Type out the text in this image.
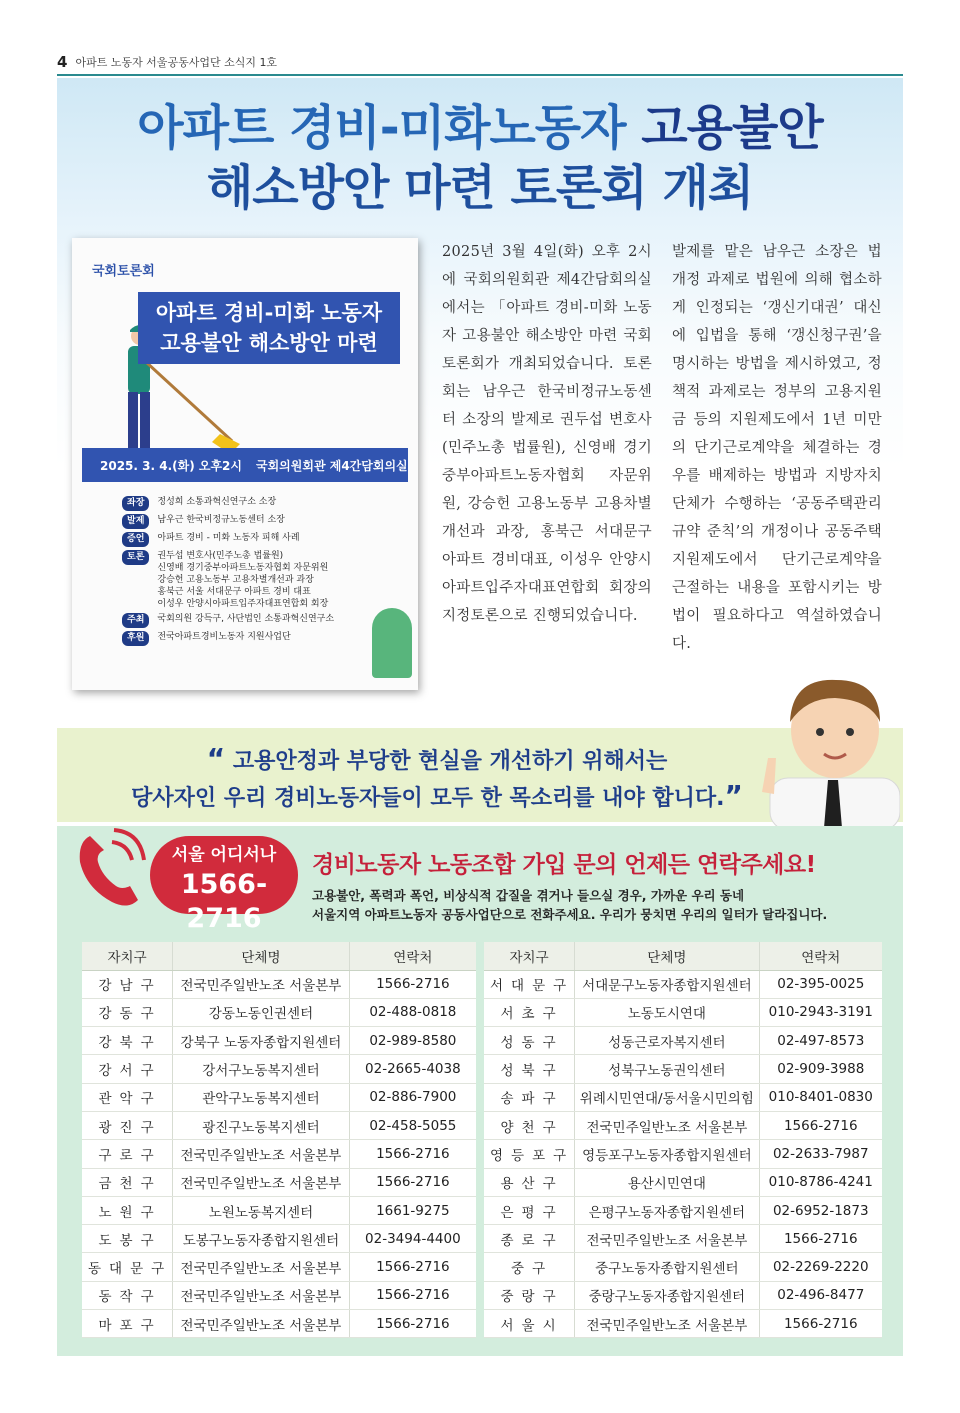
4 아파트 노동자 서울공동사업단 소식지 1호
아파트 경비-미화노동자 고용불안
해소방안 마련 토론회 개최
국회토론회
아파트 경비-미화 노동자
고용불안 해소방안 마련
2025. 3. 4.(화) 오후2시 국회의원회관 제4간담회의실
좌장	정성희 소통과혁신연구소 소장
발제	남우근 한국비정규노동센터 소장
증언	아파트 경비 - 미화 노동자 피해 사례
토론	권두섭 변호사(민주노총 법률원)
신영배 경기중부아파트노동자협회 자문위원
강승헌 고용노동부 고용차별개선과 과장
홍북근 서울 서대문구 아파트 경비 대표
이성우 안양시아파트입주자대표연합회 회장
주최	국회의원 강득구, 사단법인 소통과혁신연구소
후원	전국아파트경비노동자 지원사업단
2025년 3월 4일(화) 오후 2시에 국회의원회관 제4간담회의실에서는 「아파트 경비-미화 노동자 고용불안 해소방안 마련 국회 토론회가 개최되었습니다. 토론회는 남우근 한국비정규노동센터 소장의 발제로 권두섭 변호사(민주노총 법률원), 신영배 경기중부아파트노동자협회 자문위원, 강승헌 고용노동부 고용차별개선과 과장, 홍북근 서대문구 아파트 경비대표, 이성우 안양시아파트입주자대표연합회 회장의 지정토론으로 진행되었습니다.
발제를 맡은 남우근 소장은 법 개정 과제로 법원에 의해 협소하게 인정되는 ‘갱신기대권’ 대신에 입법을 통해 ‘갱신청구권’을 명시하는 방법을 제시하였고, 정책적 과제로는 정부의 고용지원금 등의 지원제도에서 1년 미만의 단기근로계약을 체결하는 경우를 배제하는 방법과 지방자치단체가 수행하는 ‘공동주택관리규약 준칙’의 개정이나 공동주택 지원제도에서 단기근로계약을 근절하는 내용을 포함시키는 방법이 필요하다고 역설하였습니다.
“ 고용안정과 부당한 현실을 개선하기 위해서는
당사자인 우리 경비노동자들이 모두 한 목소리를 내야 합니다.”
서울 어디서나
1566-2716
경비노동자 노동조합 가입 문의 언제든 연락주세요!
고용불안, 폭력과 폭언, 비상식적 갑질을 겪거나 들으실 경우, 가까운 우리 동네
서울지역 아파트노동자 공동사업단으로 전화주세요. 우리가 뭉치면 우리의 일터가 달라집니다.
자치구	단체명	연락처
강남구	전국민주일반노조 서울본부	1566-2716
강동구	강동노동인권센터	02-488-0818
강북구	강북구 노동자종합지원센터	02-989-8580
강서구	강서구노동복지센터	02-2665-4038
관악구	관악구노동복지센터	02-886-7900
광진구	광진구노동복지센터	02-458-5055
구로구	전국민주일반노조 서울본부	1566-2716
금천구	전국민주일반노조 서울본부	1566-2716
노원구	노원노동복지센터	1661-9275
도봉구	도봉구노동자종합지원센터	02-3494-4400
동대문구	전국민주일반노조 서울본부	1566-2716
동작구	전국민주일반노조 서울본부	1566-2716
마포구	전국민주일반노조 서울본부	1566-2716
자치구	단체명	연락처
서대문구	서대문구노동자종합지원센터	02-395-0025
서초구	노동도시연대	010-2943-3191
성동구	성동근로자복지센터	02-497-8573
성북구	성북구노동권익센터	02-909-3988
송파구	위례시민연대/동서울시민의힘	010-8401-0830
양천구	전국민주일반노조 서울본부	1566-2716
영등포구	영등포구노동자종합지원센터	02-2633-7987
용산구	용산시민연대	010-8786-4241
은평구	은평구노동자종합지원센터	02-6952-1873
종로구	전국민주일반노조 서울본부	1566-2716
중구	중구노동자종합지원센터	02-2269-2220
중랑구	중랑구노동자종합지원센터	02-496-8477
서울시	전국민주일반노조 서울본부	1566-2716
